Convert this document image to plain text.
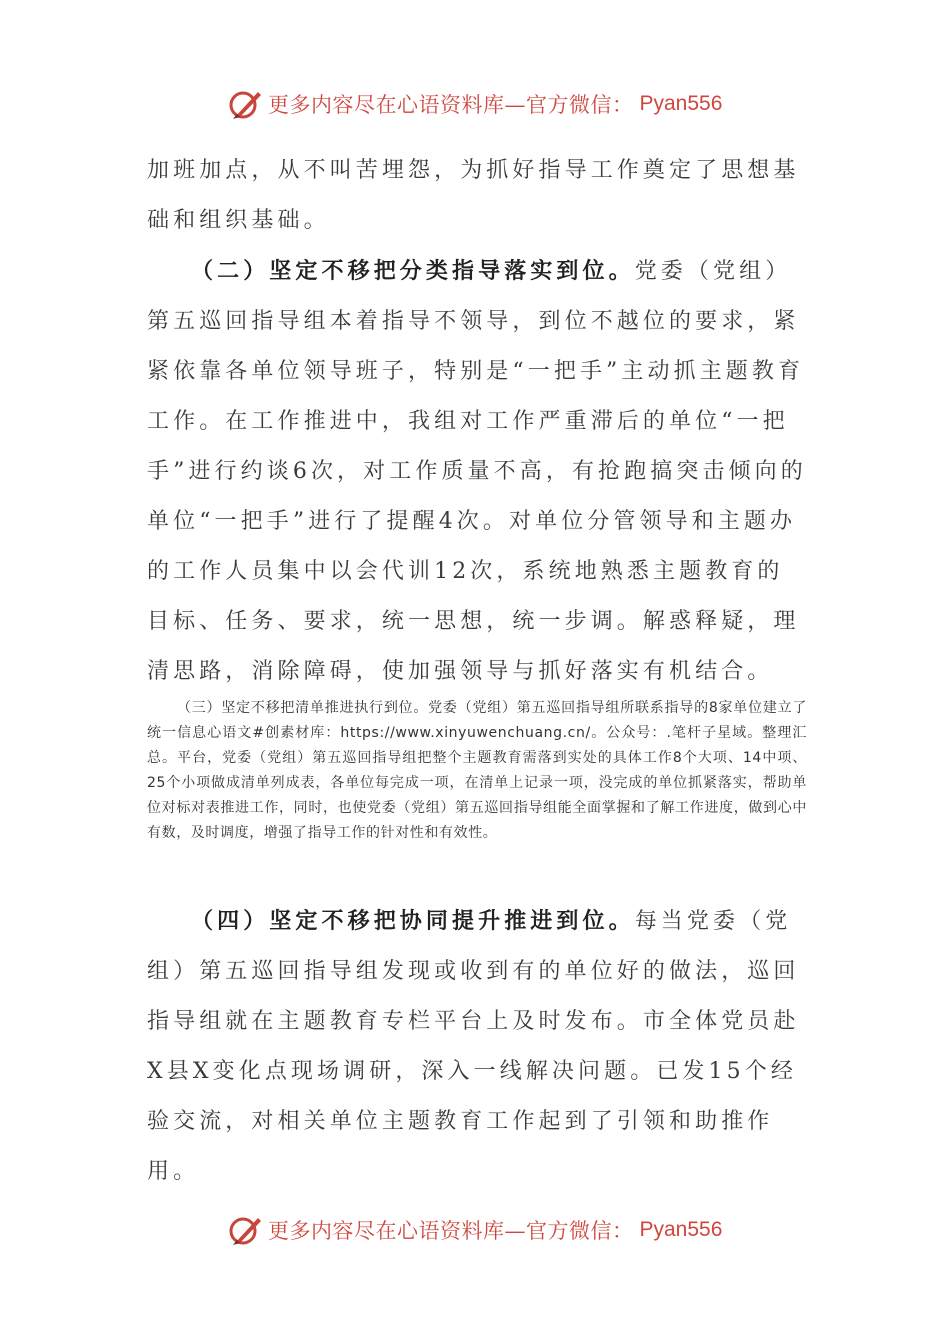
更多内容尽在心语资料库—官方微信： Pyan556

加班加点，从不叫苦埋怨，为抓好指导工作奠定了思想基础和组织基础。

（二）坚定不移把分类指导落实到位。党委（党组）第五巡回指导组本着指导不领导，到位不越位的要求，紧紧依靠各单位领导班子，特别是“一把手”主动抓主题教育工作。在工作推进中，我组对工作严重滞后的单位“一把手”进行约谈6次，对工作质量不高，有抢跑搞突击倾向的单位“一把手”进行了提醒4次。对单位分管领导和主题办的工作人员集中以会代训12次，系统地熟悉主题教育的目标、任务、要求，统一思想，统一步调。解惑释疑，理清思路，消除障碍，使加强领导与抓好落实有机结合。

（三）坚定不移把清单推进执行到位。党委（党组）第五巡回指导组所联系指导的8家单位建立了统一信息心语文#创素材库：https://www.xinyuwenchuang.cn/。公众号：.笔杆子星域。整理汇总。平台，党委（党组）第五巡回指导组把整个主题教育需落到实处的具体工作8个大项、14中项、25个小项做成清单列成表，各单位每完成一项，在清单上记录一项，没完成的单位抓紧落实，帮助单位对标对表推进工作，同时，也使党委（党组）第五巡回指导组能全面掌握和了解工作进度，做到心中有数，及时调度，增强了指导工作的针对性和有效性。

（四）坚定不移把协同提升推进到位。每当党委（党组）第五巡回指导组发现或收到有的单位好的做法，巡回指导组就在主题教育专栏平台上及时发布。市全体党员赴X县X变化点现场调研，深入一线解决问题。已发15个经验交流，对相关单位主题教育工作起到了引领和助推作用。

更多内容尽在心语资料库—官方微信： Pyan556
